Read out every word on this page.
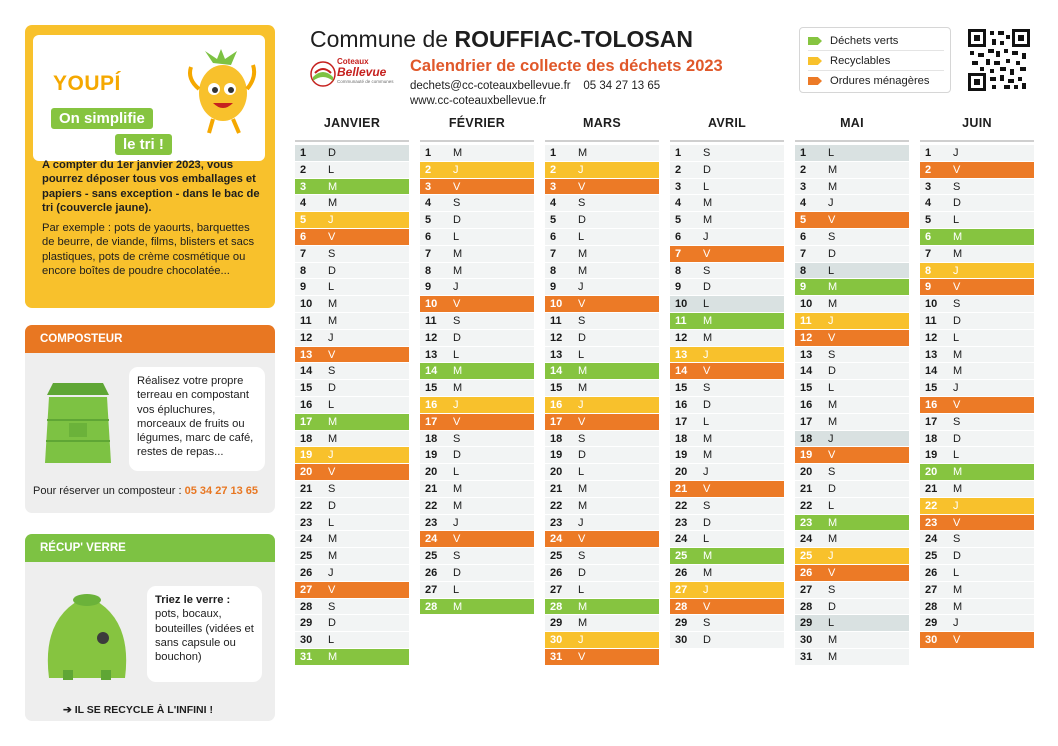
YOUPÍ
On simplifie
le tri !

A compter du 1er janvier 2023, vous pourrez déposer tous vos emballages et papiers - sans exception - dans le bac de tri (couvercle jaune).

Par exemple : pots de yaourts, barquettes de beurre, de viande, films, blisters et sacs plastiques, pots de crème cosmétique ou encore boîtes de poudre chocolatée...

COMPOSTEUR
Réalisez votre propre terreau en compostant vos épluchures, morceaux de fruits ou légumes, marc de café, restes de repas...
Pour réserver un composteur : 05 34 27 13 65
RÉCUP' VERRE
Triez le verre :
pots, bocaux, bouteilles (vidées et sans capsule ou bouchon)
➔ IL SE RECYCLE À L'INFINI !
Commune de ROUFFIAC-TOLOSAN
Coteaux
Bellevue
Communauté de communes
Calendrier de collecte des déchets 2023
dechets@cc-coteauxbellevue.fr 05 34 27 13 65
www.cc-coteauxbellevue.fr
Déchets verts
Recyclables
Ordures ménagères
JANVIER
1 D
2 L
3 M
4 M
5 J
6 V
7 S
8 D
9 L
10 M
11 M
12 J
13 V
14 S
15 D
16 L
17 M
18 M
19 J
20 V
21 S
22 D
23 L
24 M
25 M
26 J
27 V
28 S
29 D
30 L
31 M
FÉVRIER
1 M
2 J
3 V
4 S
5 D
6 L
7 M
8 M
9 J
10 V
11 S
12 D
13 L
14 M
15 M
16 J
17 V
18 S
19 D
20 L
21 M
22 M
23 J
24 V
25 S
26 D
27 L
28 M
MARS
1 M
2 J
3 V
4 S
5 D
6 L
7 M
8 M
9 J
10 V
11 S
12 D
13 L
14 M
15 M
16 J
17 V
18 S
19 D
20 L
21 M
22 M
23 J
24 V
25 S
26 D
27 L
28 M
29 M
30 J
31 V
AVRIL
1 S
2 D
3 L
4 M
5 M
6 J
7 V
8 S
9 D
10 L
11 M
12 M
13 J
14 V
15 S
16 D
17 L
18 M
19 M
20 J
21 V
22 S
23 D
24 L
25 M
26 M
27 J
28 V
29 S
30 D
MAI
1 L
2 M
3 M
4 J
5 V
6 S
7 D
8 L
9 M
10 M
11 J
12 V
13 S
14 D
15 L
16 M
17 M
18 J
19 V
20 S
21 D
22 L
23 M
24 M
25 J
26 V
27 S
28 D
29 L
30 M
31 M
JUIN
1 J
2 V
3 S
4 D
5 L
6 M
7 M
8 J
9 V
10 S
11 D
12 L
13 M
14 M
15 J
16 V
17 S
18 D
19 L
20 M
21 M
22 J
23 V
24 S
25 D
26 L
27 M
28 M
29 J
30 V
